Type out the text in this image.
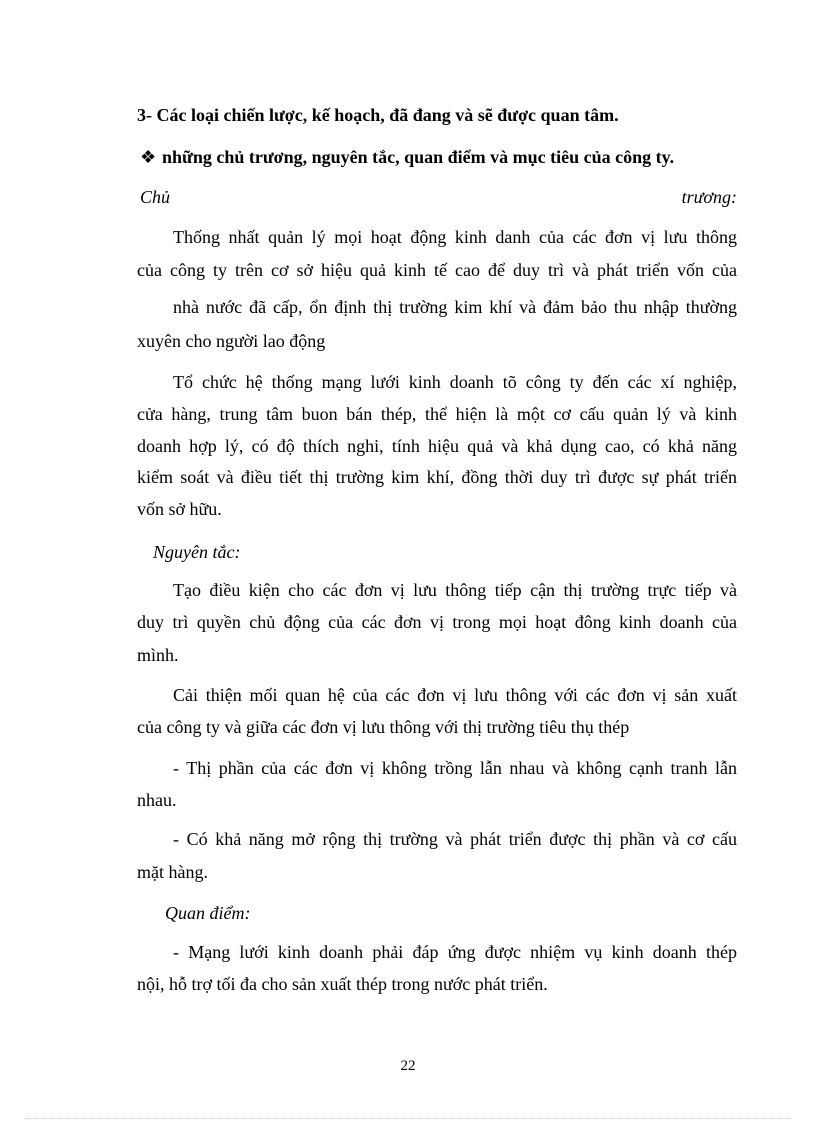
3- Các loại chiến lược, kế hoạch, đã đang và sẽ được quan tâm.
❖ những chủ trương, nguyên tắc, quan điểm và mục tiêu của công ty.
Chủ	trương:
Thống nhất quản lý mọi hoạt động kinh danh của các đơn vị lưu thông
của công ty trên cơ sở hiệu quả kinh tế cao để duy trì và phát triển vốn của
nhà nước đã cấp, ổn định thị trường kim khí và đảm bảo thu nhập thường
xuyên cho người lao động
Tổ chức hệ thống mạng lưới kinh doanh tõ công ty đến các xí nghiệp,
cửa hàng, trung tâm buon bán thép, thể hiện là một cơ cấu quản lý và kinh
doanh hợp lý, có độ thích nghi, tính hiệu quả và khả dụng cao, có khả năng
kiểm soát và điều tiết thị trường kim khí, đồng thời duy trì được sự phát triển
vốn sở hữu.
Nguyên tắc:
Tạo điều kiện cho các đơn vị lưu thông tiếp cận thị trường trực tiếp và
duy trì quyền chủ động của các đơn vị trong mọi hoạt đông kinh doanh của
mình.
Cải thiện mối quan hệ của các đơn vị lưu thông với các đơn vị sản xuất
của công ty và giữa các đơn vị lưu thông với thị trường tiêu thụ thép
- Thị phần của các đơn vị không trồng lẫn nhau và không cạnh tranh lẫn
nhau.
- Có khả năng mở rộng thị trường và phát triển được thị phần và cơ cấu
mặt hàng.
Quan điểm:
- Mạng lưới kinh doanh phải đáp ứng được nhiệm vụ kinh doanh thép
nội, hỗ trợ tối đa cho sản xuất thép trong nước phát triển.
22
